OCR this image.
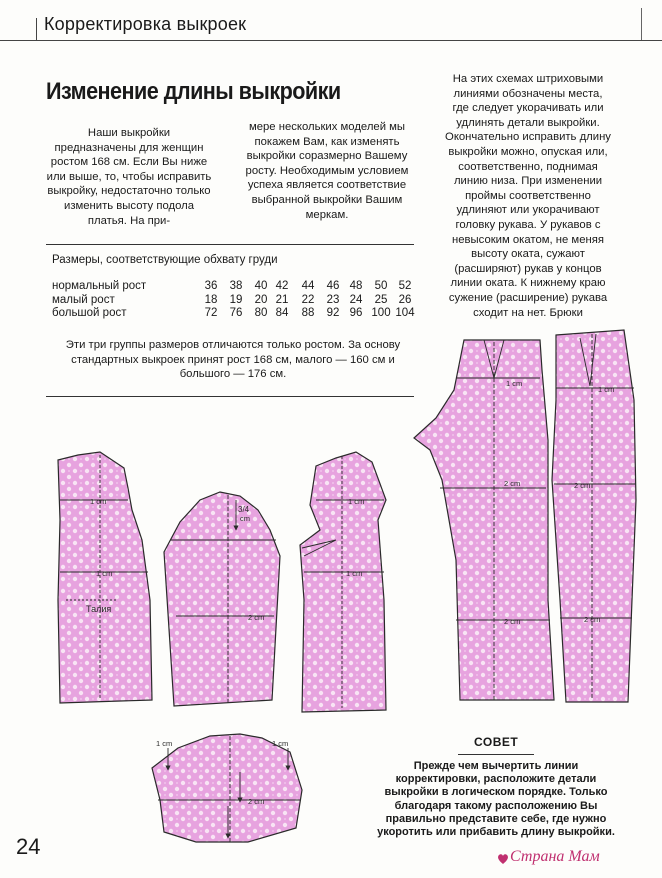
Корректировка выкроек
Изменение длины выкройки
Наши выкройки предназначены для женщин ростом 168 см. Если Вы ниже или выше, то, чтобы исправить выкройку, недостаточно только изменить высоту подола платья. На при-
мере нескольких моделей мы покажем Вам, как изменять выкройки соразмерно Вашему росту. Необходимым условием успеха является соответствие выбранной выкройки Вашим меркам.
На этих схемах штриховыми линиями обозначены места, где следует укорачивать или удлинять детали выкройки. Окончательно исправить длину выкройки можно, опуская или, соответственно, поднимая линию низа. При изменении проймы соответственно удлиняют или укорачивают головку рукава. У рукавов с невысоким окатом, не меняя высоту оката, сужают (расширяют) рукав у концов линии оката. К нижнему краю сужение (расширение) рукава сходит на нет. Брюки
Размеры, соответствующие обхвату груди
нормальный рост	36	38	40 42	44	46 48	50 52
малый рост	18	19	20 21	22	23 24	25 26
большой рост	72	76	80 84	88	92 96 100 104
Эти три группы размеров отличаются только ростом. За основу стандартных выкроек принят рост 168 см, малого — 160 см и большого — 176 см.
1 cm
1 cm
Талия
3/4
cm
2 cm
1 cm
1 cm
1 cm
2 cm
2 cm
1 cm
2 cm
2 cm
1 cm	1 cm
2 cm
СОВЕТ
Прежде чем вычертить линии корректировки, расположите детали выкройки в логическом порядке. Только благодаря такому расположению Вы правильно представите себе, где нужно укоротить или прибавить длину выкройки.
24	Страна Мам
